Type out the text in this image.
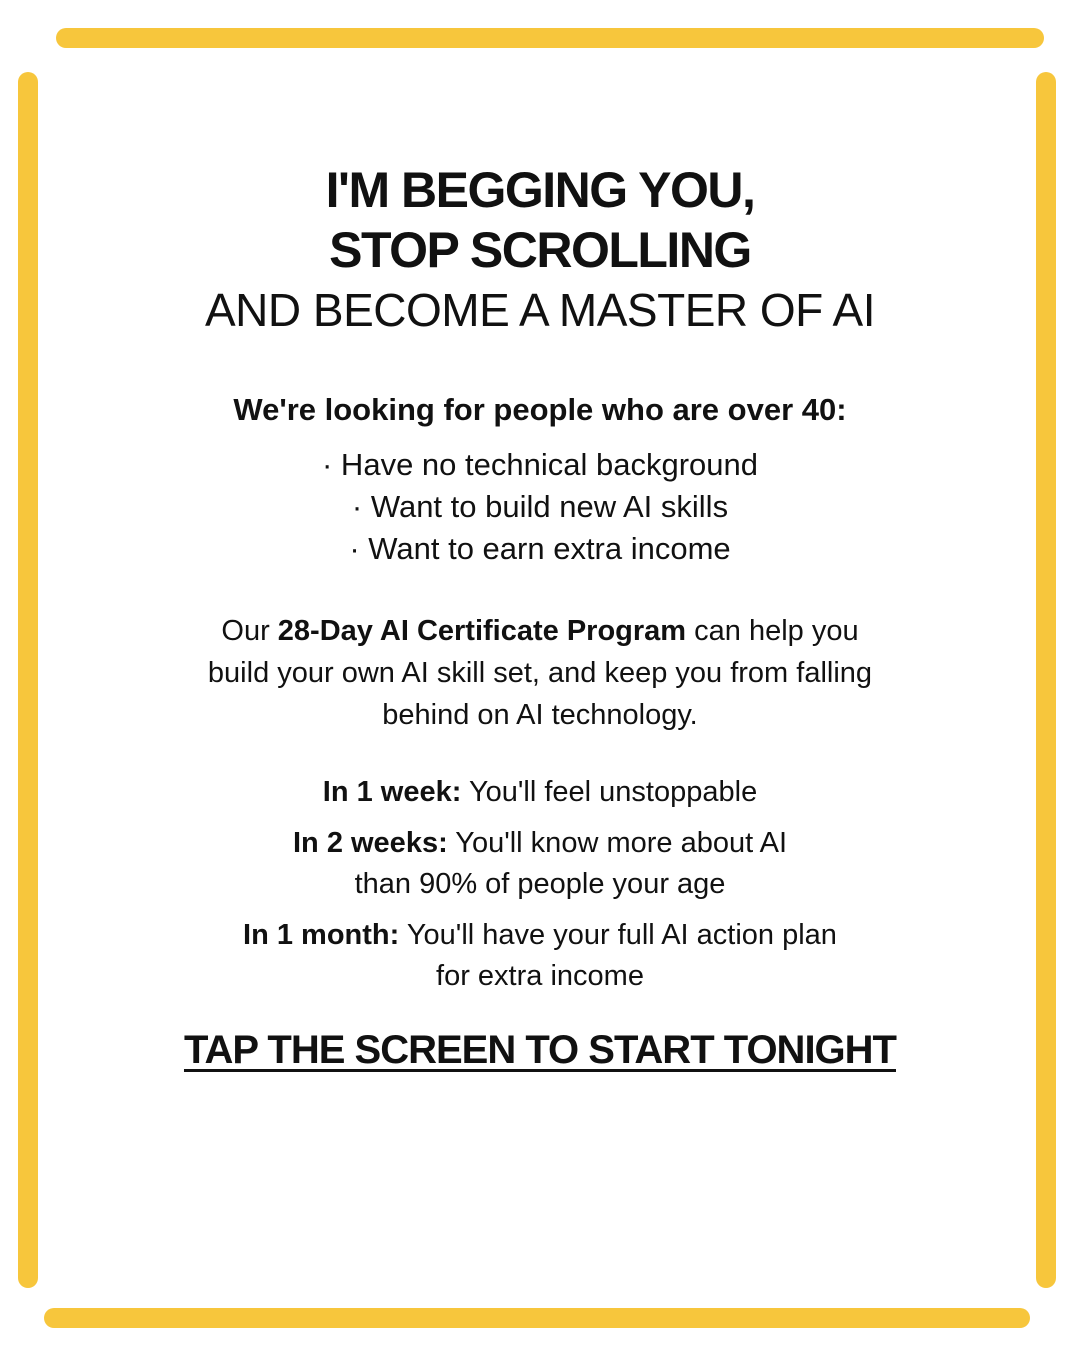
I'M BEGGING YOU,

STOP SCROLLING

AND BECOME A MASTER OF AI

We're looking for people who are over 40:

· Have no technical background
· Want to build new AI skills
· Want to earn extra income

Our 28-Day AI Certificate Program can help you build your own AI skill set, and keep you from falling behind on AI technology.

In 1 week: You'll feel unstoppable

In 2 weeks: You'll know more about AI
than 90% of people your age

In 1 month: You'll have your full AI action plan
for extra income

TAP THE SCREEN TO START TONIGHT
